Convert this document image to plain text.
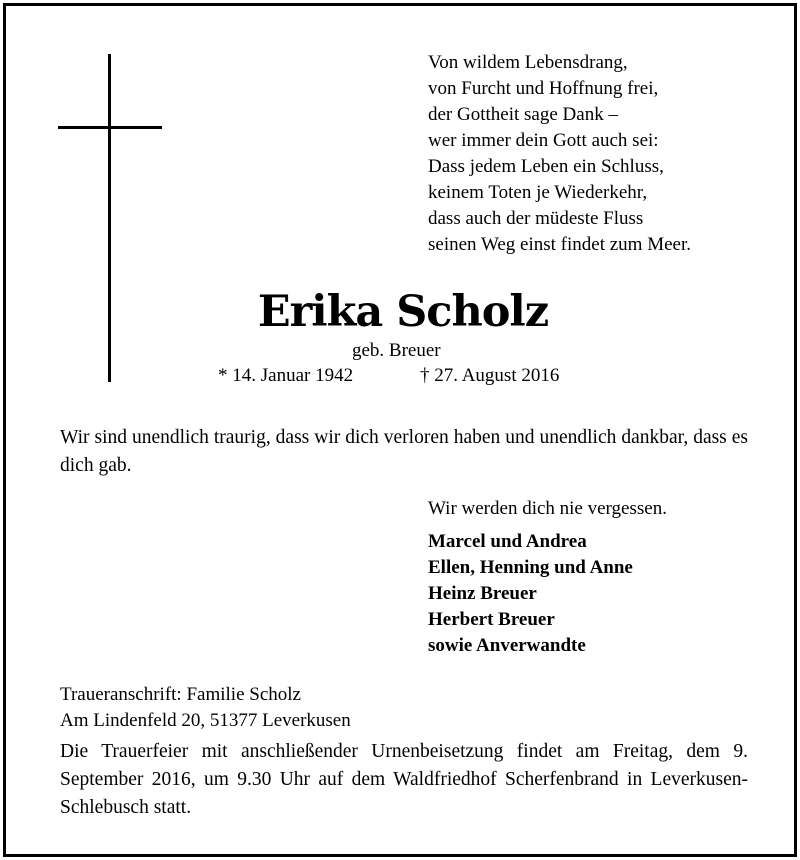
Von wildem Lebensdrang,
von Furcht und Hoffnung frei,
der Gottheit sage Dank –
wer immer dein Gott auch sei:
Dass jedem Leben ein Schluss,
keinem Toten je Wiederkehr,
dass auch der müdeste Fluss
seinen Weg einst findet zum Meer.
Erika Scholz
geb. Breuer
* 14. Januar 1942	† 27. August 2016

Wir sind unendlich traurig, dass wir dich verloren haben und unendlich dankbar, dass es dich gab.

Wir werden dich nie vergessen.
Marcel und Andrea
Ellen, Henning und Anne
Heinz Breuer
Herbert Breuer
sowie Anverwandte
Traueranschrift: Familie Scholz
Am Lindenfeld 20, 51377 Leverkusen

Die Trauerfeier mit anschließender Urnenbeisetzung findet am Freitag, dem 9. September 2016, um 9.30 Uhr auf dem Waldfriedhof Scherfenbrand in Leverkusen-Schlebusch statt.
